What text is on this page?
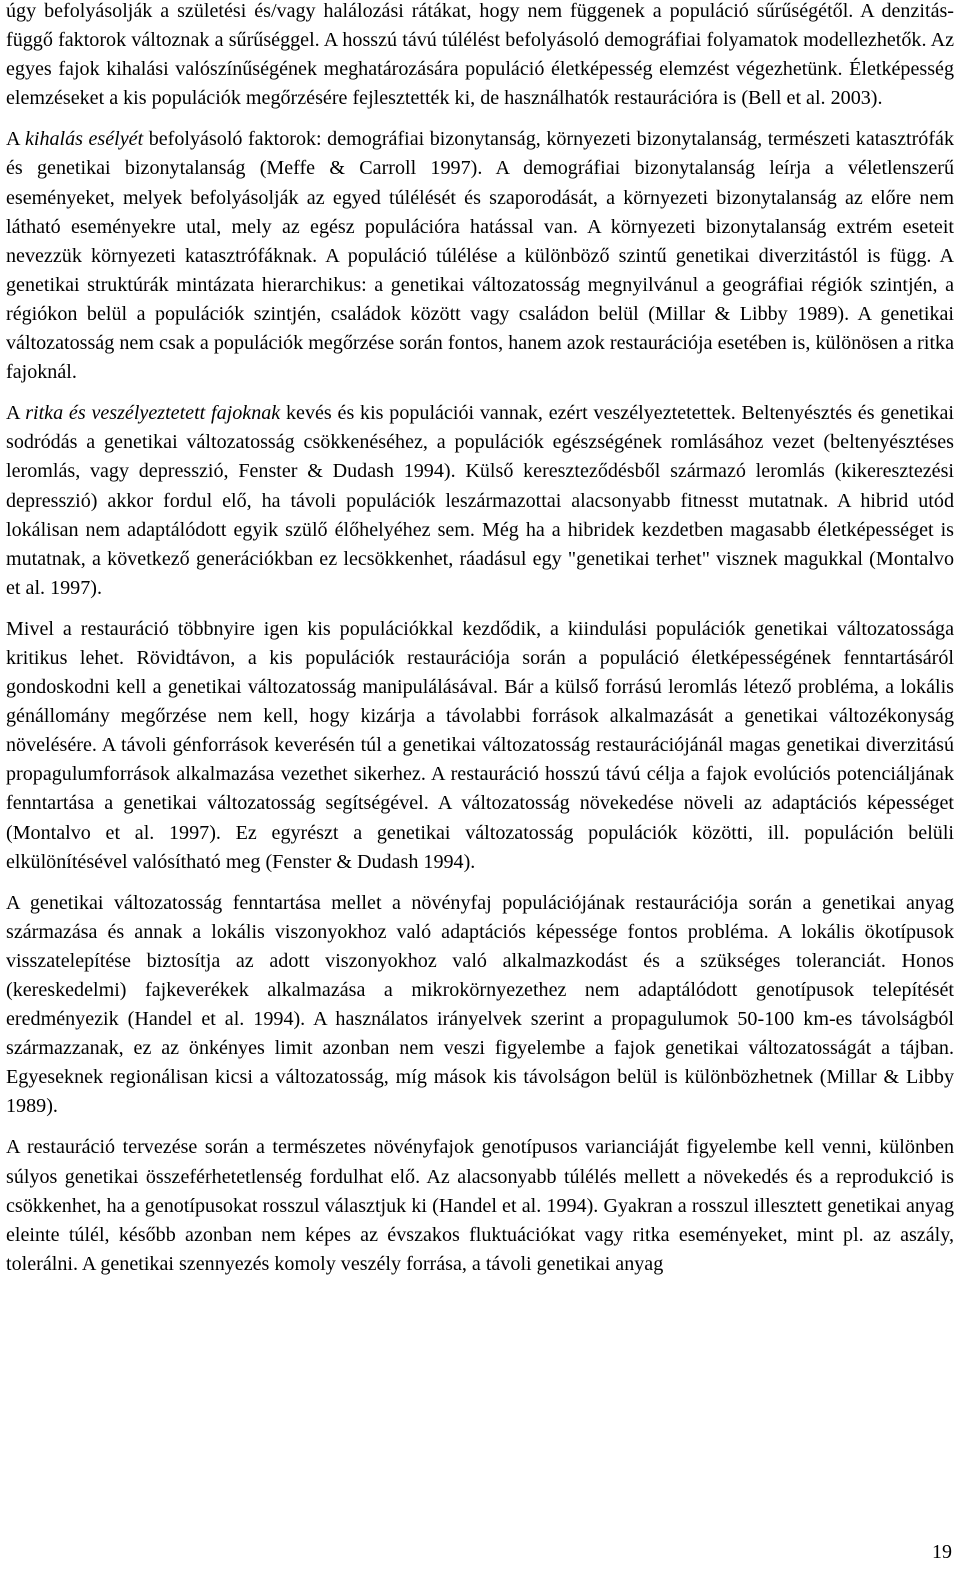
úgy befolyásolják a születési és/vagy halálozási rátákat, hogy nem függenek a populáció sűrűségétől. A denzitás-függő faktorok változnak a sűrűséggel. A hosszú távú túlélést befolyásoló demográfiai folyamatok modellezhetők. Az egyes fajok kihalási valószínűségének meghatározására populáció életképesség elemzést végezhetünk. Életképesség elemzéseket a kis populációk megőrzésére fejlesztették ki, de használhatók restaurációra is (Bell et al. 2003).

A kihalás esélyét befolyásoló faktorok: demográfiai bizonytanság, környezeti bizonytalanság, természeti katasztrófák és genetikai bizonytalanság (Meffe & Carroll 1997). A demográfiai bizonytalanság leírja a véletlenszerű eseményeket, melyek befolyásolják az egyed túlélését és szaporodását, a környezeti bizonytalanság az előre nem látható eseményekre utal, mely az egész populációra hatással van. A környezeti bizonytalanság extrém eseteit nevezzük környezeti katasztrófáknak. A populáció túlélése a különböző szintű genetikai diverzitástól is függ. A genetikai struktúrák mintázata hierarchikus: a genetikai változatosság megnyilvánul a geográfiai régiók szintjén, a régiókon belül a populációk szintjén, családok között vagy családon belül (Millar & Libby 1989). A genetikai változatosság nem csak a populációk megőrzése során fontos, hanem azok restaurációja esetében is, különösen a ritka fajoknál.

A ritka és veszélyeztetett fajoknak kevés és kis populációi vannak, ezért veszélyeztetettek. Beltenyésztés és genetikai sodródás a genetikai változatosság csökkenéséhez, a populációk egészségének romlásához vezet (beltenyésztéses leromlás, vagy depresszió, Fenster & Dudash 1994). Külső kereszteződésből származó leromlás (kikeresztezési depresszió) akkor fordul elő, ha távoli populációk leszármazottai alacsonyabb fitnesst mutatnak. A hibrid utód lokálisan nem adaptálódott egyik szülő élőhelyéhez sem. Még ha a hibridek kezdetben magasabb életképességet is mutatnak, a következő generációkban ez lecsökkenhet, ráadásul egy "genetikai terhet" visznek magukkal (Montalvo et al. 1997).

Mivel a restauráció többnyire igen kis populációkkal kezdődik, a kiindulási populációk genetikai változatossága kritikus lehet. Rövidtávon, a kis populációk restaurációja során a populáció életképességének fenntartásáról gondoskodni kell a genetikai változatosság manipulálásával. Bár a külső forrású leromlás létező probléma, a lokális génállomány megőrzése nem kell, hogy kizárja a távolabbi források alkalmazását a genetikai változékonyság növelésére. A távoli génforrások keverésén túl a genetikai változatosság restaurációjánál magas genetikai diverzitású propagulumforrások alkalmazása vezethet sikerhez. A restauráció hosszú távú célja a fajok evolúciós potenciáljának fenntartása a genetikai változatosság segítségével. A változatosság növekedése növeli az adaptációs képességet (Montalvo et al. 1997). Ez egyrészt a genetikai változatosság populációk közötti, ill. populáción belüli elkülönítésével valósítható meg (Fenster & Dudash 1994).

A genetikai változatosság fenntartása mellet a növényfaj populációjának restaurációja során a genetikai anyag származása és annak a lokális viszonyokhoz való adaptációs képessége fontos probléma. A lokális ökotípusok visszatelepítése biztosítja az adott viszonyokhoz való alkalmazkodást és a szükséges toleranciát. Honos (kereskedelmi) fajkeverékek alkalmazása a mikrokörnyezethez nem adaptálódott genotípusok telepítését eredményezik (Handel et al. 1994). A használatos irányelvek szerint a propagulumok 50-100 km-es távolságból származzanak, ez az önkényes limit azonban nem veszi figyelembe a fajok genetikai változatosságát a tájban. Egyeseknek regionálisan kicsi a változatosság, míg mások kis távolságon belül is különbözhetnek (Millar & Libby 1989).

A restauráció tervezése során a természetes növényfajok genotípusos varianciáját figyelembe kell venni, különben súlyos genetikai összeférhetetlenség fordulhat elő. Az alacsonyabb túlélés mellett a növekedés és a reprodukció is csökkenhet, ha a genotípusokat rosszul választjuk ki (Handel et al. 1994). Gyakran a rosszul illesztett genetikai anyag eleinte túlél, később azonban nem képes az évszakos fluktuációkat vagy ritka eseményeket, mint pl. az aszály, tolerálni. A genetikai szennyezés komoly veszély forrása, a távoli genetikai anyag

19
